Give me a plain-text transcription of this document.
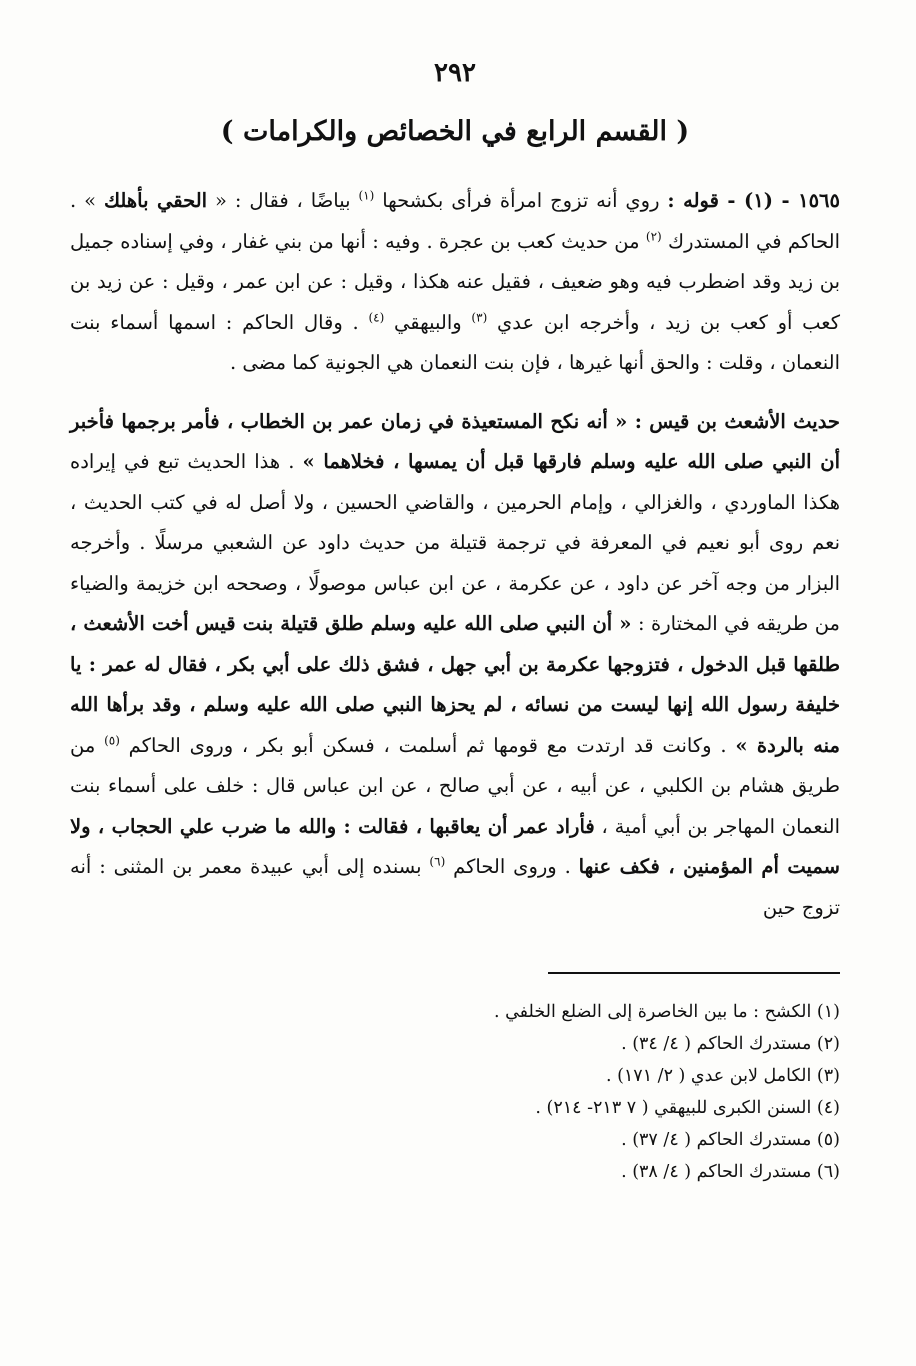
٢٩٢
( القسم الرابع في الخصائص والكرامات )

١٥٦٥ - (١) - قوله : روي أنه تزوج امرأة فرأى بكشحها $^{(١)}$ بياضًا ، فقال : « الحقي بأهلك » . الحاكم في المستدرك $^{(٢)}$ من حديث كعب بن عجرة . وفيه : أنها من بني غفار ، وفي إسناده جميل بن زيد وقد اضطرب فيه وهو ضعيف ، فقيل عنه هكذا ، وقيل : عن ابن عمر ، وقيل : عن زيد بن كعب أو كعب بن زيد ، وأخرجه ابن عدي $^{(٣)}$ والبيهقي $^{(٤)}$ . وقال الحاكم : اسمها أسماء بنت النعمان ، وقلت : والحق أنها غيرها ، فإن بنت النعمان هي الجونية كما مضى .

حديث الأشعث بن قيس : « أنه نكح المستعيذة في زمان عمر بن الخطاب ، فأمر برجمها فأخبر أن النبي صلى الله عليه وسلم فارقها قبل أن يمسها ، فخلاهما » . هذا الحديث تبع في إيراده هكذا الماوردي ، والغزالي ، وإمام الحرمين ، والقاضي الحسين ، ولا أصل له في كتب الحديث ، نعم روى أبو نعيم في المعرفة في ترجمة قتيلة من حديث داود عن الشعبي مرسلًا . وأخرجه البزار من وجه آخر عن داود ، عن عكرمة ، عن ابن عباس موصولًا ، وصححه ابن خزيمة والضياء من طريقه في المختارة : « أن النبي صلى الله عليه وسلم طلق قتيلة بنت قيس أخت الأشعث ، طلقها قبل الدخول ، فتزوجها عكرمة بن أبي جهل ، فشق ذلك على أبي بكر ، فقال له عمر : يا خليفة رسول الله إنها ليست من نسائه ، لم يحزها النبي صلى الله عليه وسلم ، وقد برأها الله منه بالردة » . وكانت قد ارتدت مع قومها ثم أسلمت ، فسكن أبو بكر ، وروى الحاكم $^{(٥)}$ من طريق هشام بن الكلبي ، عن أبيه ، عن أبي صالح ، عن ابن عباس قال : خلف على أسماء بنت النعمان المهاجر بن أبي أمية ، فأراد عمر أن يعاقبها ، فقالت : والله ما ضرب علي الحجاب ، ولا سميت أم المؤمنين ، فكف عنها . وروى الحاكم $^{(٦)}$ بسنده إلى أبي عبيدة معمر بن المثنى : أنه تزوج حين

(١) الكشح : ما بين الخاصرة إلى الضلع الخلفي .
(٢) مستدرك الحاكم ( ٤/ ٣٤) .
(٣) الكامل لابن عدي ( ٢/ ١٧١) .
(٤) السنن الكبرى للبيهقي ( ٧ ٢١٣- ٢١٤) .
(٥) مستدرك الحاكم ( ٤/ ٣٧) .
(٦) مستدرك الحاكم ( ٤/ ٣٨) .
